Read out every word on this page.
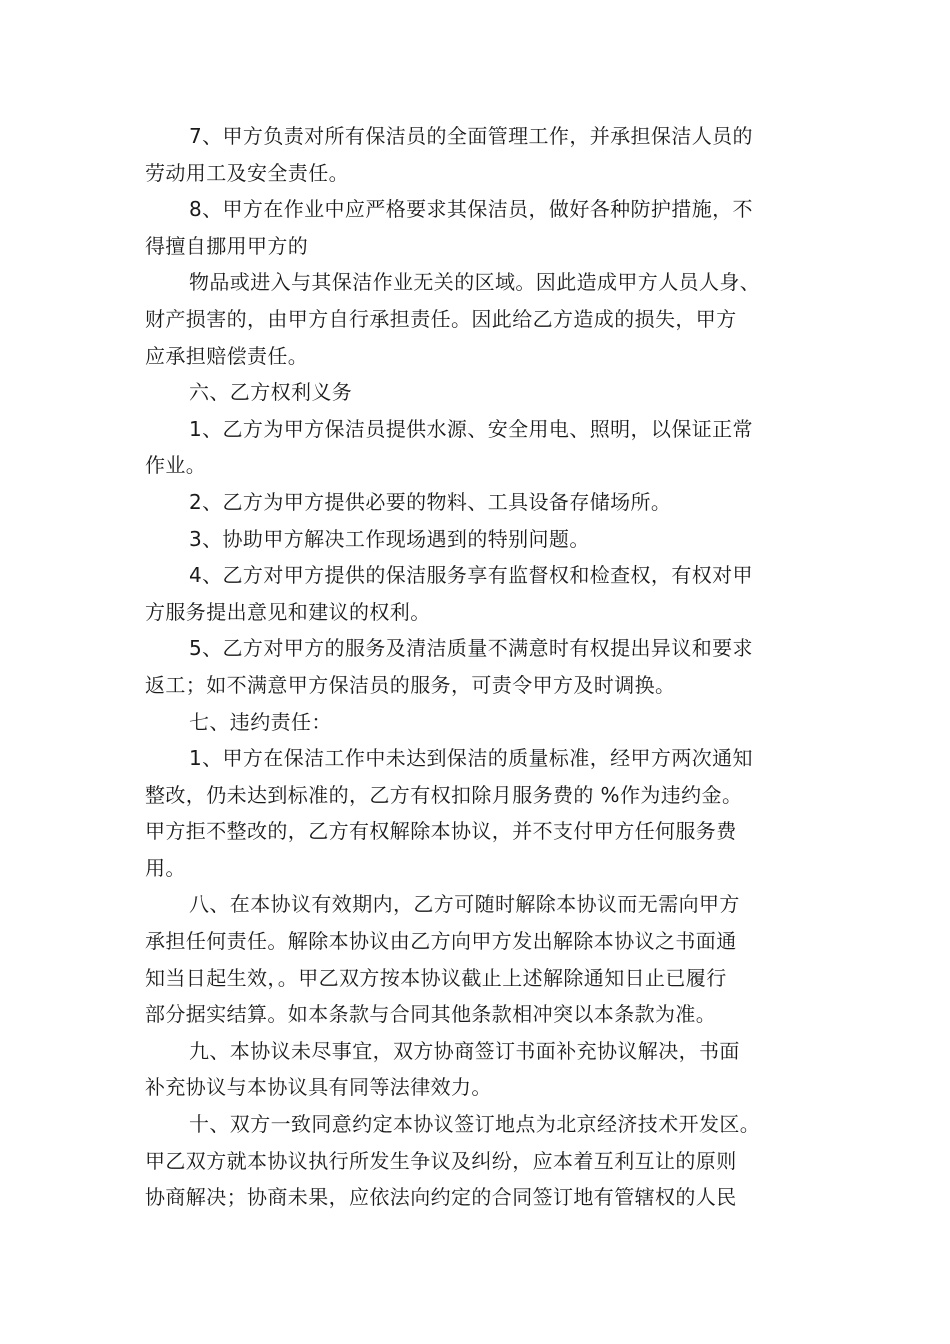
7、甲方负责对所有保洁员的全面管理工作，并承担保洁人员的
劳动用工及安全责任。
8、甲方在作业中应严格要求其保洁员，做好各种防护措施，不
得擅自挪用甲方的
物品或进入与其保洁作业无关的区域。因此造成甲方人员人身、
财产损害的，由甲方自行承担责任。因此给乙方造成的损失，甲方
应承担赔偿责任。
六、乙方权利义务
1、乙方为甲方保洁员提供水源、安全用电、照明，以保证正常
作业。
2、乙方为甲方提供必要的物料、工具设备存储场所。
3、协助甲方解决工作现场遇到的特别问题。
4、乙方对甲方提供的保洁服务享有监督权和检查权，有权对甲
方服务提出意见和建议的权利。
5、乙方对甲方的服务及清洁质量不满意时有权提出异议和要求
返工；如不满意甲方保洁员的服务，可责令甲方及时调换。
七、违约责任：
1、甲方在保洁工作中未达到保洁的质量标准，经甲方两次通知
整改，仍未达到标准的，乙方有权扣除月服务费的 %作为违约金。
甲方拒不整改的，乙方有权解除本协议，并不支付甲方任何服务费
用。
八、在本协议有效期内，乙方可随时解除本协议而无需向甲方
承担任何责任。解除本协议由乙方向甲方发出解除本协议之书面通
知当日起生效，。甲乙双方按本协议截止上述解除通知日止已履行
部分据实结算。如本条款与合同其他条款相冲突以本条款为准。
九、本协议未尽事宜，双方协商签订书面补充协议解决，书面
补充协议与本协议具有同等法律效力。
十、双方一致同意约定本协议签订地点为北京经济技术开发区。
甲乙双方就本协议执行所发生争议及纠纷，应本着互利互让的原则
协商解决；协商未果，应依法向约定的合同签订地有管辖权的人民
